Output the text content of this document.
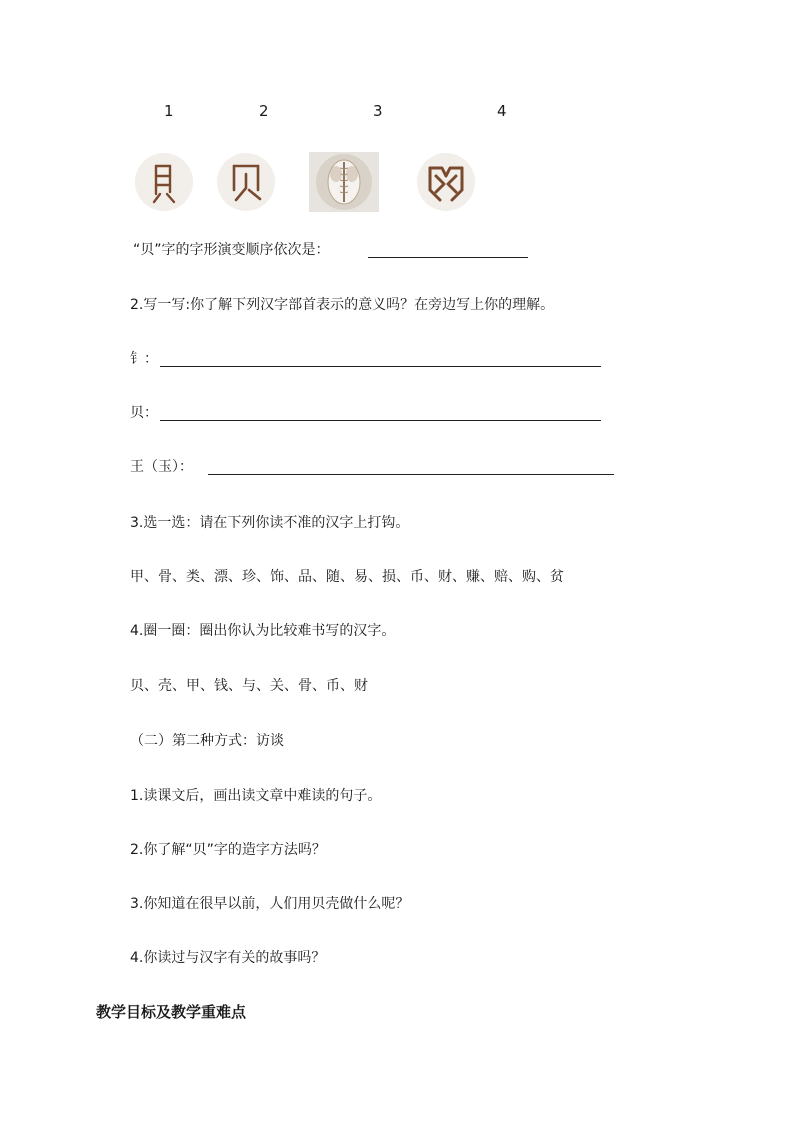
1	2	3	4
“贝”字的字形演变顺序依次是：
2.写一写:你了解下列汉字部首表示的意义吗？在旁边写上你的理解。
钅：
贝：
王（玉）：
3.选一选：请在下列你读不准的汉字上打钩。
甲、骨、类、漂、珍、饰、品、随、易、损、币、财、赚、赔、购、贫
4.圈一圈：圈出你认为比较难书写的汉字。
贝、壳、甲、钱、与、关、骨、币、财
（二）第二种方式：访谈
1.读课文后，画出读文章中难读的句子。
2.你了解“贝”字的造字方法吗？
3.你知道在很早以前，人们用贝壳做什么呢？
4.你读过与汉字有关的故事吗？
教学目标及教学重难点
